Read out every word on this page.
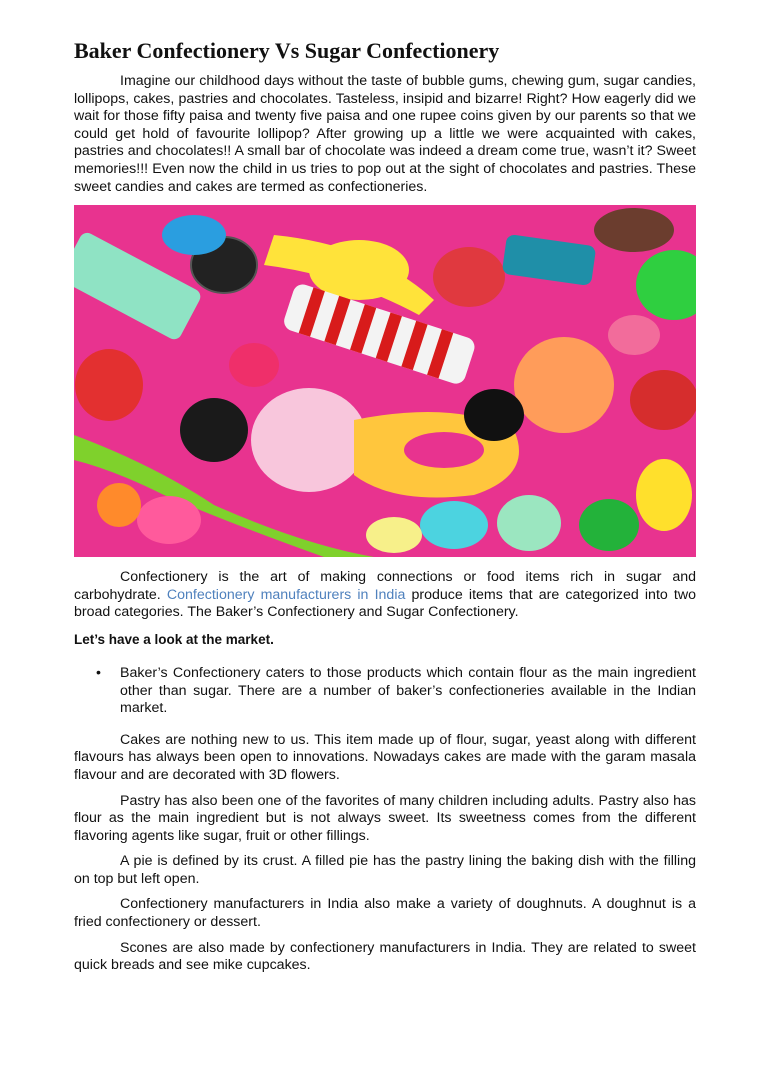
Baker Confectionery Vs Sugar Confectionery

Imagine our childhood days without the taste of bubble gums, chewing gum, sugar candies, lollipops, cakes, pastries and chocolates. Tasteless, insipid and bizarre! Right? How eagerly did we wait for those fifty paisa and twenty five paisa and one rupee coins given by our parents so that we could get hold of favourite lollipop? After growing up a little we were acquainted with cakes, pastries and chocolates!! A small bar of chocolate was indeed a dream come true, wasn’t it? Sweet memories!!! Even now the child in us tries to pop out at the sight of chocolates and pastries. These sweet candies and cakes are termed as confectioneries.

Confectionery is the art of making connections or food items rich in sugar and carbohydrate. Confectionery manufacturers in India produce items that are categorized into two broad categories. The Baker’s Confectionery and Sugar Confectionery.

Let’s have a look at the market.
• Baker’s Confectionery caters to those products which contain flour as the main ingredient other than sugar. There are a number of baker’s confectioneries available in the Indian market.

Cakes are nothing new to us. This item made up of flour, sugar, yeast along with different flavours has always been open to innovations. Nowadays cakes are made with the garam masala flavour and are decorated with 3D flowers.

Pastry has also been one of the favorites of many children including adults. Pastry also has flour as the main ingredient but is not always sweet. Its sweetness comes from the different flavoring agents like sugar, fruit or other fillings.

A pie is defined by its crust. A filled pie has the pastry lining the baking dish with the filling on top but left open.

Confectionery manufacturers in India also make a variety of doughnuts. A doughnut is a fried confectionery or dessert.

Scones are also made by confectionery manufacturers in India. They are related to sweet quick breads and see mike cupcakes.
